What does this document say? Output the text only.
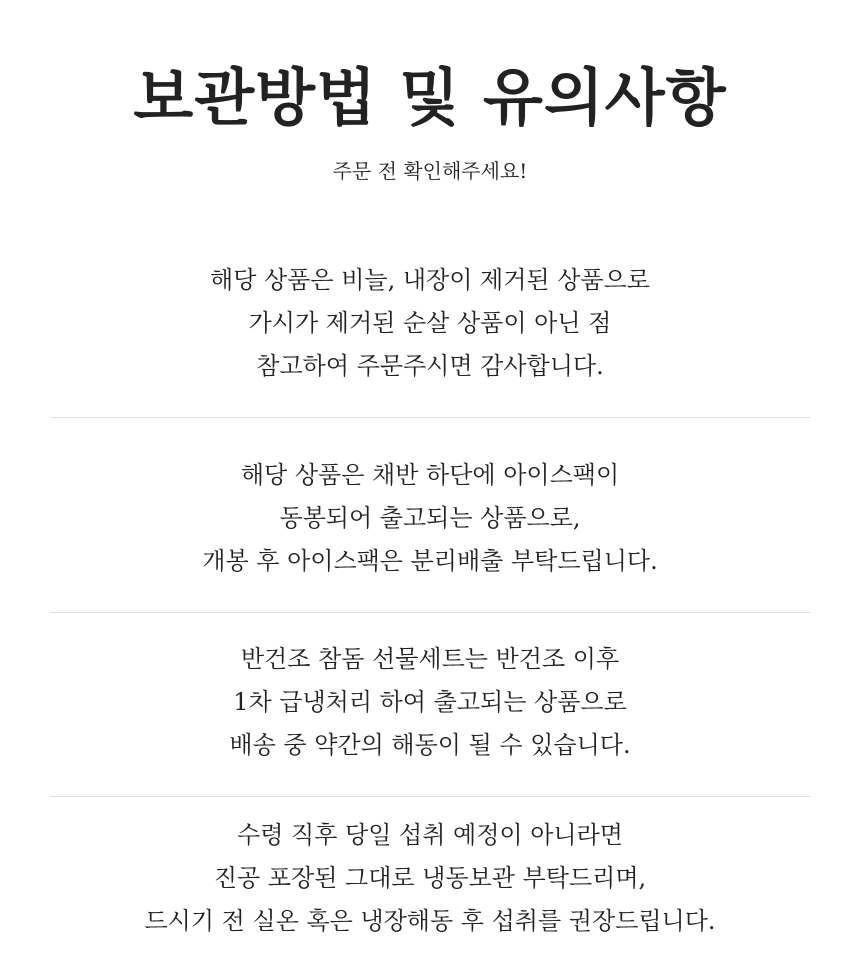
보관방법 및 유의사항

주문 전 확인해주세요!

해당 상품은 비늘, 내장이 제거된 상품으로
가시가 제거된 순살 상품이 아닌 점
참고하여 주문주시면 감사합니다.
해당 상품은 채반 하단에 아이스팩이
동봉되어 출고되는 상품으로,
개봉 후 아이스팩은 분리배출 부탁드립니다.
반건조 참돔 선물세트는 반건조 이후
1차 급냉처리 하여 출고되는 상품으로
배송 중 약간의 해동이 될 수 있습니다.
수령 직후 당일 섭취 예정이 아니라면
진공 포장된 그대로 냉동보관 부탁드리며,
드시기 전 실온 혹은 냉장해동 후 섭취를 권장드립니다.
